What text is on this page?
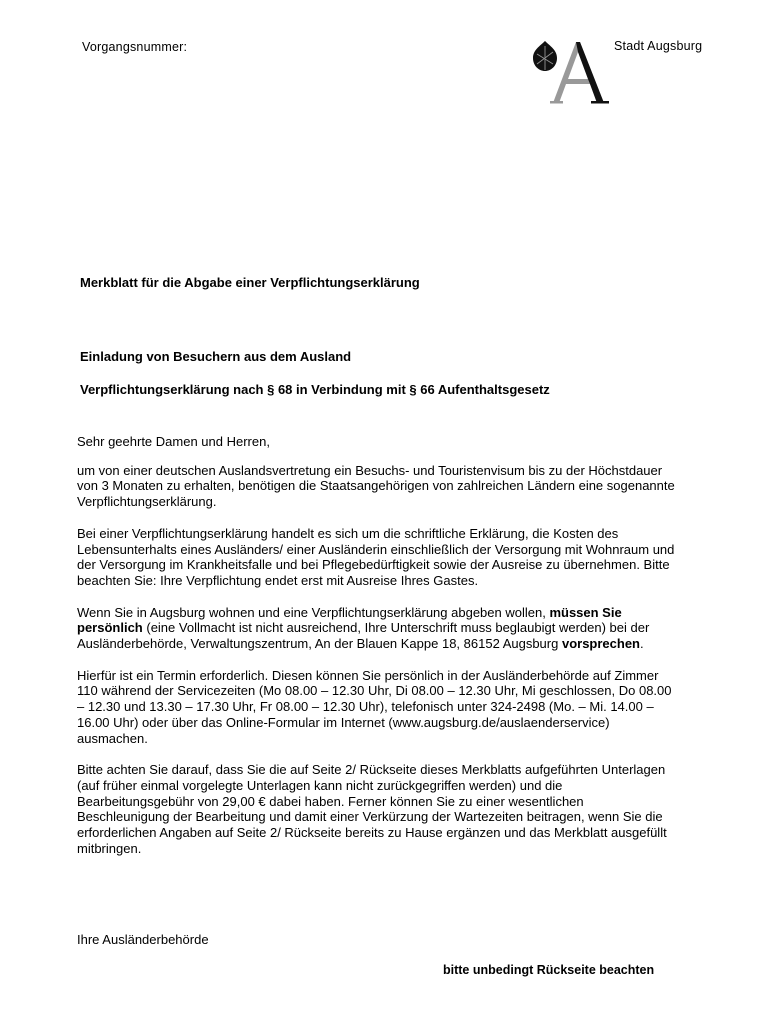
Vorgangsnummer:	Stadt Augsburg
Merkblatt für die Abgabe einer Verpflichtungserklärung
Einladung von Besuchern aus dem Ausland
Verpflichtungserklärung nach § 68 in Verbindung mit § 66 Aufenthaltsgesetz

Sehr geehrte Damen und Herren,

um von einer deutschen Auslandsvertretung ein Besuchs- und Touristenvisum bis zu der Höchstdauer von 3 Monaten zu erhalten, benötigen die Staatsangehörigen von zahlreichen Ländern eine sogenannte Verpflichtungserklärung.

Bei einer Verpflichtungserklärung handelt es sich um die schriftliche Erklärung, die Kosten des Lebensunterhalts eines Ausländers/ einer Ausländerin einschließlich der Versorgung mit Wohnraum und der Versorgung im Krankheitsfalle und bei Pflegebedürftigkeit sowie der Ausreise zu übernehmen. Bitte beachten Sie: Ihre Verpflichtung endet erst mit Ausreise Ihres Gastes.

Wenn Sie in Augsburg wohnen und eine Verpflichtungserklärung abgeben wollen, müssen Sie persönlich (eine Vollmacht ist nicht ausreichend, Ihre Unterschrift muss beglaubigt werden) bei der Ausländerbehörde, Verwaltungszentrum, An der Blauen Kappe 18, 86152 Augsburg vorsprechen.

Hierfür ist ein Termin erforderlich. Diesen können Sie persönlich in der Ausländerbehörde auf Zimmer 110 während der Servicezeiten (Mo 08.00 – 12.30 Uhr, Di 08.00 – 12.30 Uhr, Mi geschlossen, Do 08.00 – 12.30 und 13.30 – 17.30 Uhr, Fr 08.00 – 12.30 Uhr), telefonisch unter 324-2498 (Mo. – Mi. 14.00 – 16.00 Uhr) oder über das Online-Formular im Internet (www.augsburg.de/auslaenderservice) ausmachen.

Bitte achten Sie darauf, dass Sie die auf Seite 2/ Rückseite dieses Merkblatts aufgeführten Unterlagen (auf früher einmal vorgelegte Unterlagen kann nicht zurückgegriffen werden) und die Bearbeitungsgebühr von 29,00 € dabei haben. Ferner können Sie zu einer wesentlichen Beschleunigung der Bearbeitung und damit einer Verkürzung der Wartezeiten beitragen, wenn Sie die erforderlichen Angaben auf Seite 2/ Rückseite bereits zu Hause ergänzen und das Merkblatt ausgefüllt mitbringen.

Ihre Ausländerbehörde
bitte unbedingt Rückseite beachten
